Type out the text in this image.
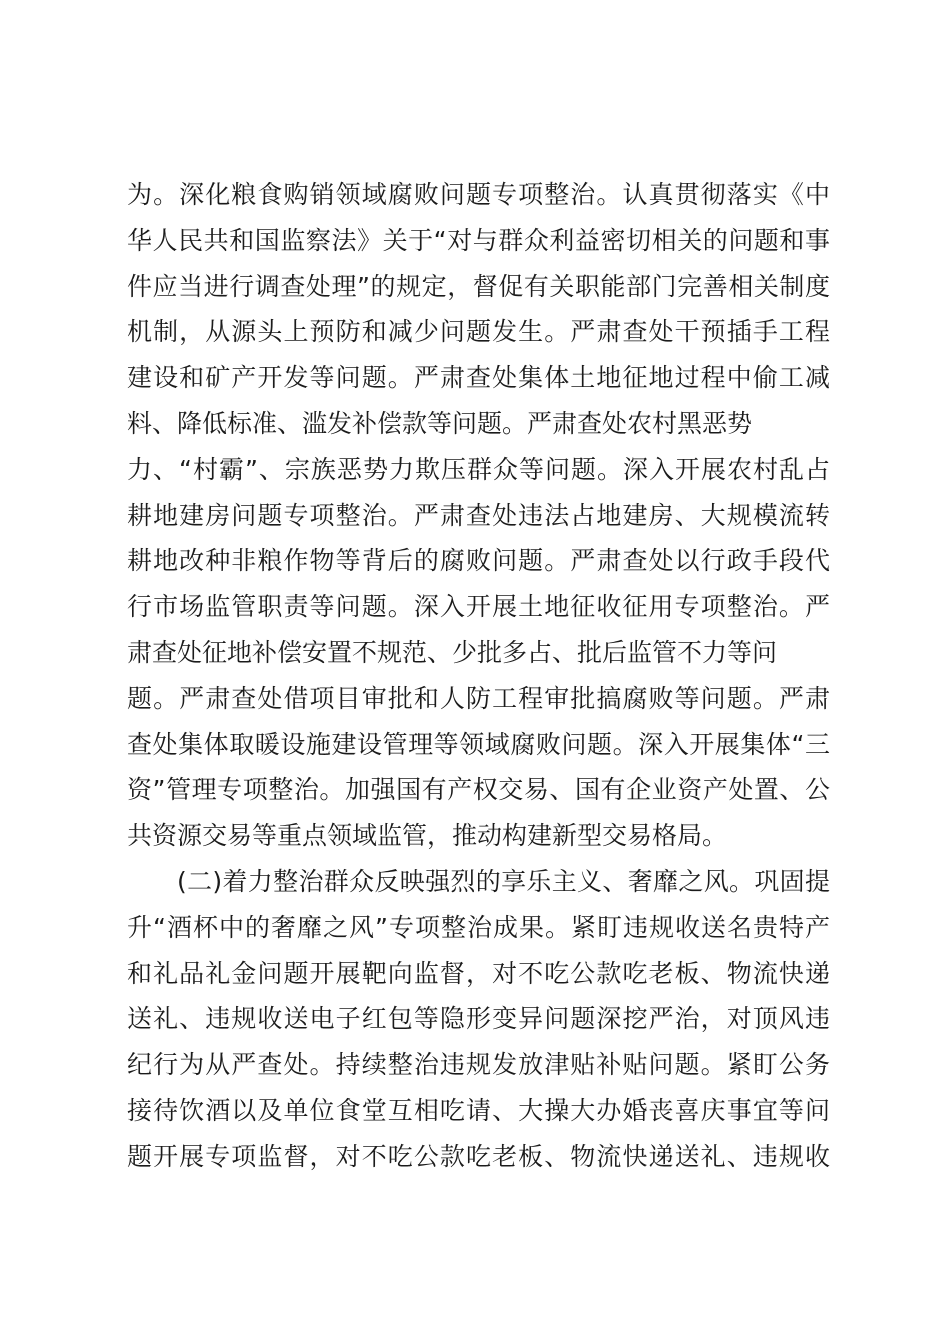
为。深化粮食购销领域腐败问题专项整治。认真贯彻落实《中
华人民共和国监察法》关于“对与群众利益密切相关的问题和事
件应当进行调查处理”的规定，督促有关职能部门完善相关制度
机制，从源头上预防和减少问题发生。严肃查处干预插手工程
建设和矿产开发等问题。严肃查处集体土地征地过程中偷工减
料、降低标准、滥发补偿款等问题。严肃查处农村黑恶势
力、“村霸”、宗族恶势力欺压群众等问题。深入开展农村乱占
耕地建房问题专项整治。严肃查处违法占地建房、大规模流转
耕地改种非粮作物等背后的腐败问题。严肃查处以行政手段代
行市场监管职责等问题。深入开展土地征收征用专项整治。严
肃查处征地补偿安置不规范、少批多占、批后监管不力等问
题。严肃查处借项目审批和人防工程审批搞腐败等问题。严肃
查处集体取暖设施建设管理等领域腐败问题。深入开展集体“三
资”管理专项整治。加强国有产权交易、国有企业资产处置、公
共资源交易等重点领域监管，推动构建新型交易格局。
(二)着力整治群众反映强烈的享乐主义、奢靡之风。巩固提
升“酒杯中的奢靡之风”专项整治成果。紧盯违规收送名贵特产
和礼品礼金问题开展靶向监督，对不吃公款吃老板、物流快递
送礼、违规收送电子红包等隐形变异问题深挖严治，对顶风违
纪行为从严查处。持续整治违规发放津贴补贴问题。紧盯公务
接待饮酒以及单位食堂互相吃请、大操大办婚丧喜庆事宜等问
题开展专项监督，对不吃公款吃老板、物流快递送礼、违规收
